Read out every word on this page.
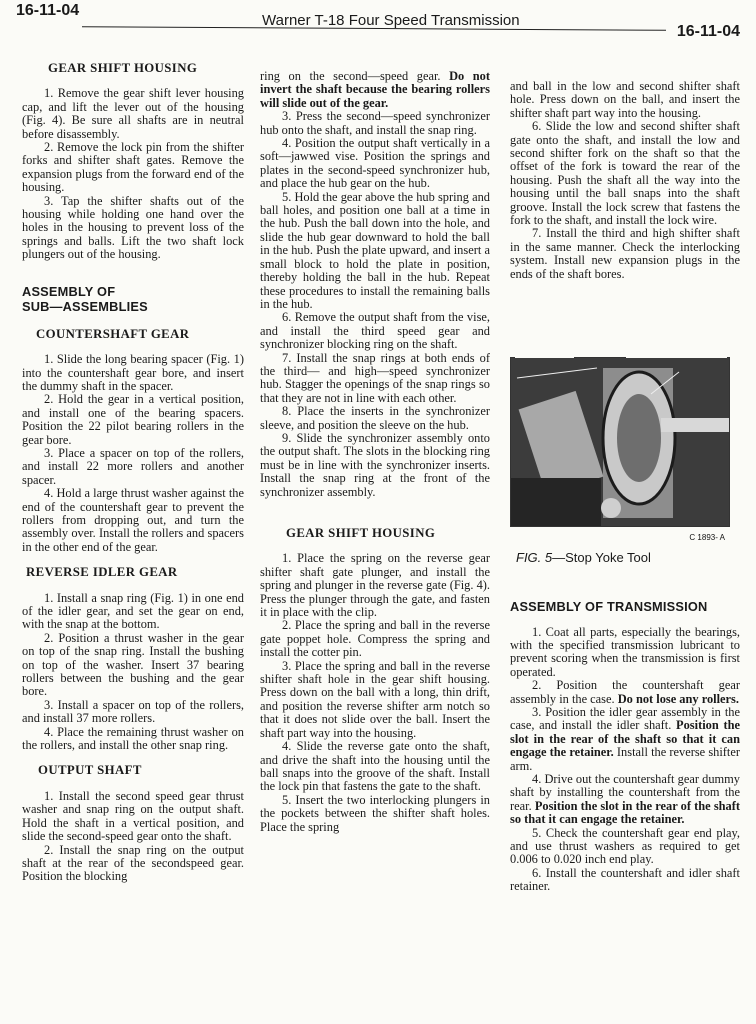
16-11-04
Warner T-18 Four Speed Transmission
16-11-04
GEAR SHIFT HOUSING

1. Remove the gear shift lever housing cap, and lift the lever out of the housing (Fig. 4). Be sure all shafts are in neutral before disassembly.

2. Remove the lock pin from the shifter forks and shifter shaft gates. Remove the expansion plugs from the forward end of the housing.

3. Tap the shifter shafts out of the housing while holding one hand over the holes in the housing to prevent loss of the springs and balls. Lift the two shaft lock plungers out of the housing.

ASSEMBLY OF
SUB—ASSEMBLIES
COUNTERSHAFT GEAR

1. Slide the long bearing spacer (Fig. 1) into the countershaft gear bore, and insert the dummy shaft in the spacer.

2. Hold the gear in a vertical position, and install one of the bearing spacers. Position the 22 pilot bearing rollers in the gear bore.

3. Place a spacer on top of the rollers, and install 22 more rollers and another spacer.

4. Hold a large thrust washer against the end of the countershaft gear to prevent the rollers from dropping out, and turn the assembly over. Install the rollers and spacers in the other end of the gear.

REVERSE IDLER GEAR

1. Install a snap ring (Fig. 1) in one end of the idler gear, and set the gear on end, with the snap at the bottom.

2. Position a thrust washer in the gear on top of the snap ring. Install the bushing on top of the washer. Insert 37 bearing rollers between the bushing and the gear bore.

3. Install a spacer on top of the rollers, and install 37 more rollers.

4. Place the remaining thrust washer on the rollers, and install the other snap ring.

OUTPUT SHAFT

1. Install the second speed gear thrust washer and snap ring on the output shaft. Hold the shaft in a vertical position, and slide the second-speed gear onto the shaft.

2. Install the snap ring on the output shaft at the rear of the secondspeed gear. Position the blocking

ring on the second—speed gear. Do not invert the shaft because the bearing rollers will slide out of the gear.

3. Press the second—speed synchronizer hub onto the shaft, and install the snap ring.

4. Position the output shaft vertically in a soft—jawwed vise. Position the springs and plates in the second-speed synchronizer hub, and place the hub gear on the hub.

5. Hold the gear above the hub spring and ball holes, and position one ball at a time in the hub. Push the ball down into the hole, and slide the hub gear downward to hold the ball in the hub. Push the plate upward, and insert a small block to hold the plate in position, thereby holding the ball in the hub. Repeat these procedures to install the remaining balls in the hub.

6. Remove the output shaft from the vise, and install the third speed gear and synchronizer blocking ring on the shaft.

7. Install the snap rings at both ends of the third— and high—speed synchronizer hub. Stagger the openings of the snap rings so that they are not in line with each other.

8. Place the inserts in the synchronizer sleeve, and position the sleeve on the hub.

9. Slide the synchronizer assembly onto the output shaft. The slots in the blocking ring must be in line with the synchronizer inserts. Install the snap ring at the front of the synchronizer assembly.

GEAR SHIFT HOUSING

1. Place the spring on the reverse gear shifter shaft gate plunger, and install the spring and plunger in the reverse gate (Fig. 4). Press the plunger through the gate, and fasten it in place with the clip.

2. Place the spring and ball in the reverse gate poppet hole. Compress the spring and install the cotter pin.

3. Place the spring and ball in the reverse shifter shaft hole in the gear shift housing. Press down on the ball with a long, thin drift, and position the reverse shifter arm notch so that it does not slide over the ball. Insert the shaft part way into the housing.

4. Slide the reverse gate onto the shaft, and drive the shaft into the housing until the ball snaps into the groove of the shaft. Install the lock pin that fastens the gate to the shaft.

5. Insert the two interlocking plungers in the pockets between the shifter shaft holes. Place the spring

and ball in the low and second shifter shaft hole. Press down on the ball, and insert the shifter shaft part way into the housing.

6. Slide the low and second shifter shaft gate onto the shaft, and install the low and second shifter fork on the shaft so that the offset of the fork is toward the rear of the housing. Push the shaft all the way into the housing until the ball snaps into the shaft groove. Install the lock screw that fastens the fork to the shaft, and install the lock wire.

7. Install the third and high shifter shaft in the same manner. Check the interlocking system. Install new expansion plugs in the ends of the shaft bores.

C 1893- A
FIG. 5—Stop Yoke Tool
ASSEMBLY OF TRANSMISSION

1. Coat all parts, especially the bearings, with the specified transmission lubricant to prevent scoring when the transmission is first operated.

2. Position the countershaft gear assembly in the case. Do not lose any rollers.

3. Position the idler gear assembly in the case, and install the idler shaft. Position the slot in the rear of the shaft so that it can engage the retainer. Install the reverse shifter arm.

4. Drive out the countershaft gear dummy shaft by installing the countershaft from the rear. Position the slot in the rear of the shaft so that it can engage the retainer.

5. Check the countershaft gear end play, and use thrust washers as required to get 0.006 to 0.020 inch end play.

6. Install the countershaft and idler shaft retainer.
